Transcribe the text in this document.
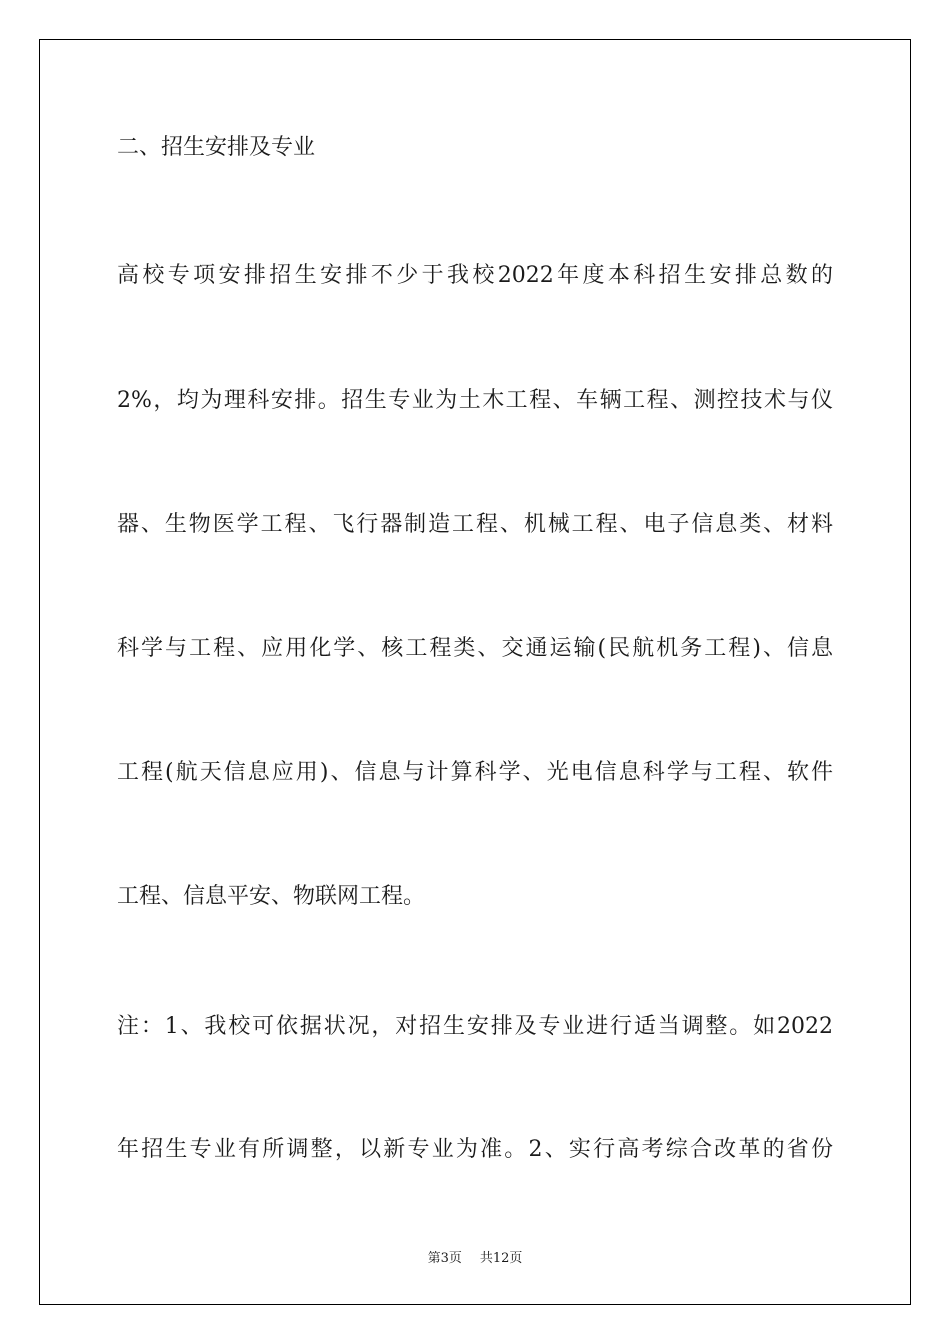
二、招生安排及专业
高校专项安排招生安排不少于我校2022年度本科招生安排总数的
2%，均为理科安排。招生专业为土木工程、车辆工程、测控技术与仪
器、生物医学工程、飞行器制造工程、机械工程、电子信息类、材料
科学与工程、应用化学、核工程类、交通运输(民航机务工程)、信息
工程(航天信息应用)、信息与计算科学、光电信息科学与工程、软件
工程、信息平安、物联网工程。
注：1、我校可依据状况，对招生安排及专业进行适当调整。如2022
年招生专业有所调整，以新专业为准。2、实行高考综合改革的省份
第3页 共12页
